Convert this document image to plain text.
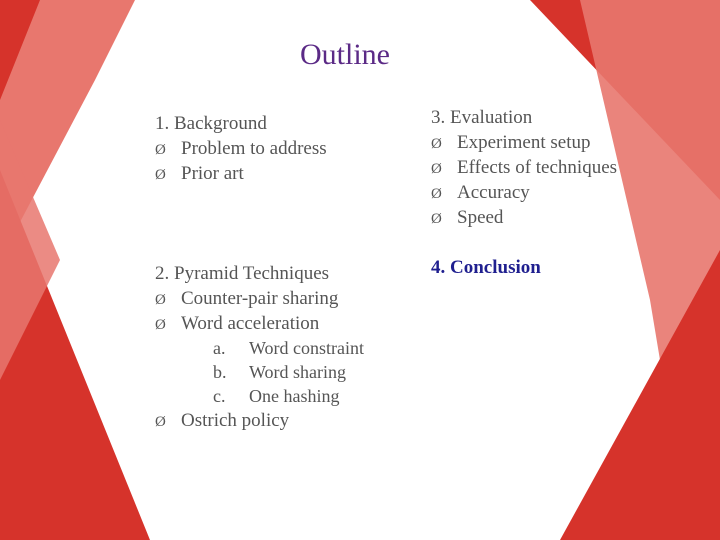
Outline
1. Background
Ø Problem to address
Ø Prior art
2. Pyramid Techniques
Ø Counter-pair sharing
Ø Word acceleration
a. Word constraint
b. Word sharing
c. One hashing
Ø Ostrich policy
3. Evaluation
Ø Experiment setup
Ø Effects of techniques
Ø Accuracy
Ø Speed
4. Conclusion
